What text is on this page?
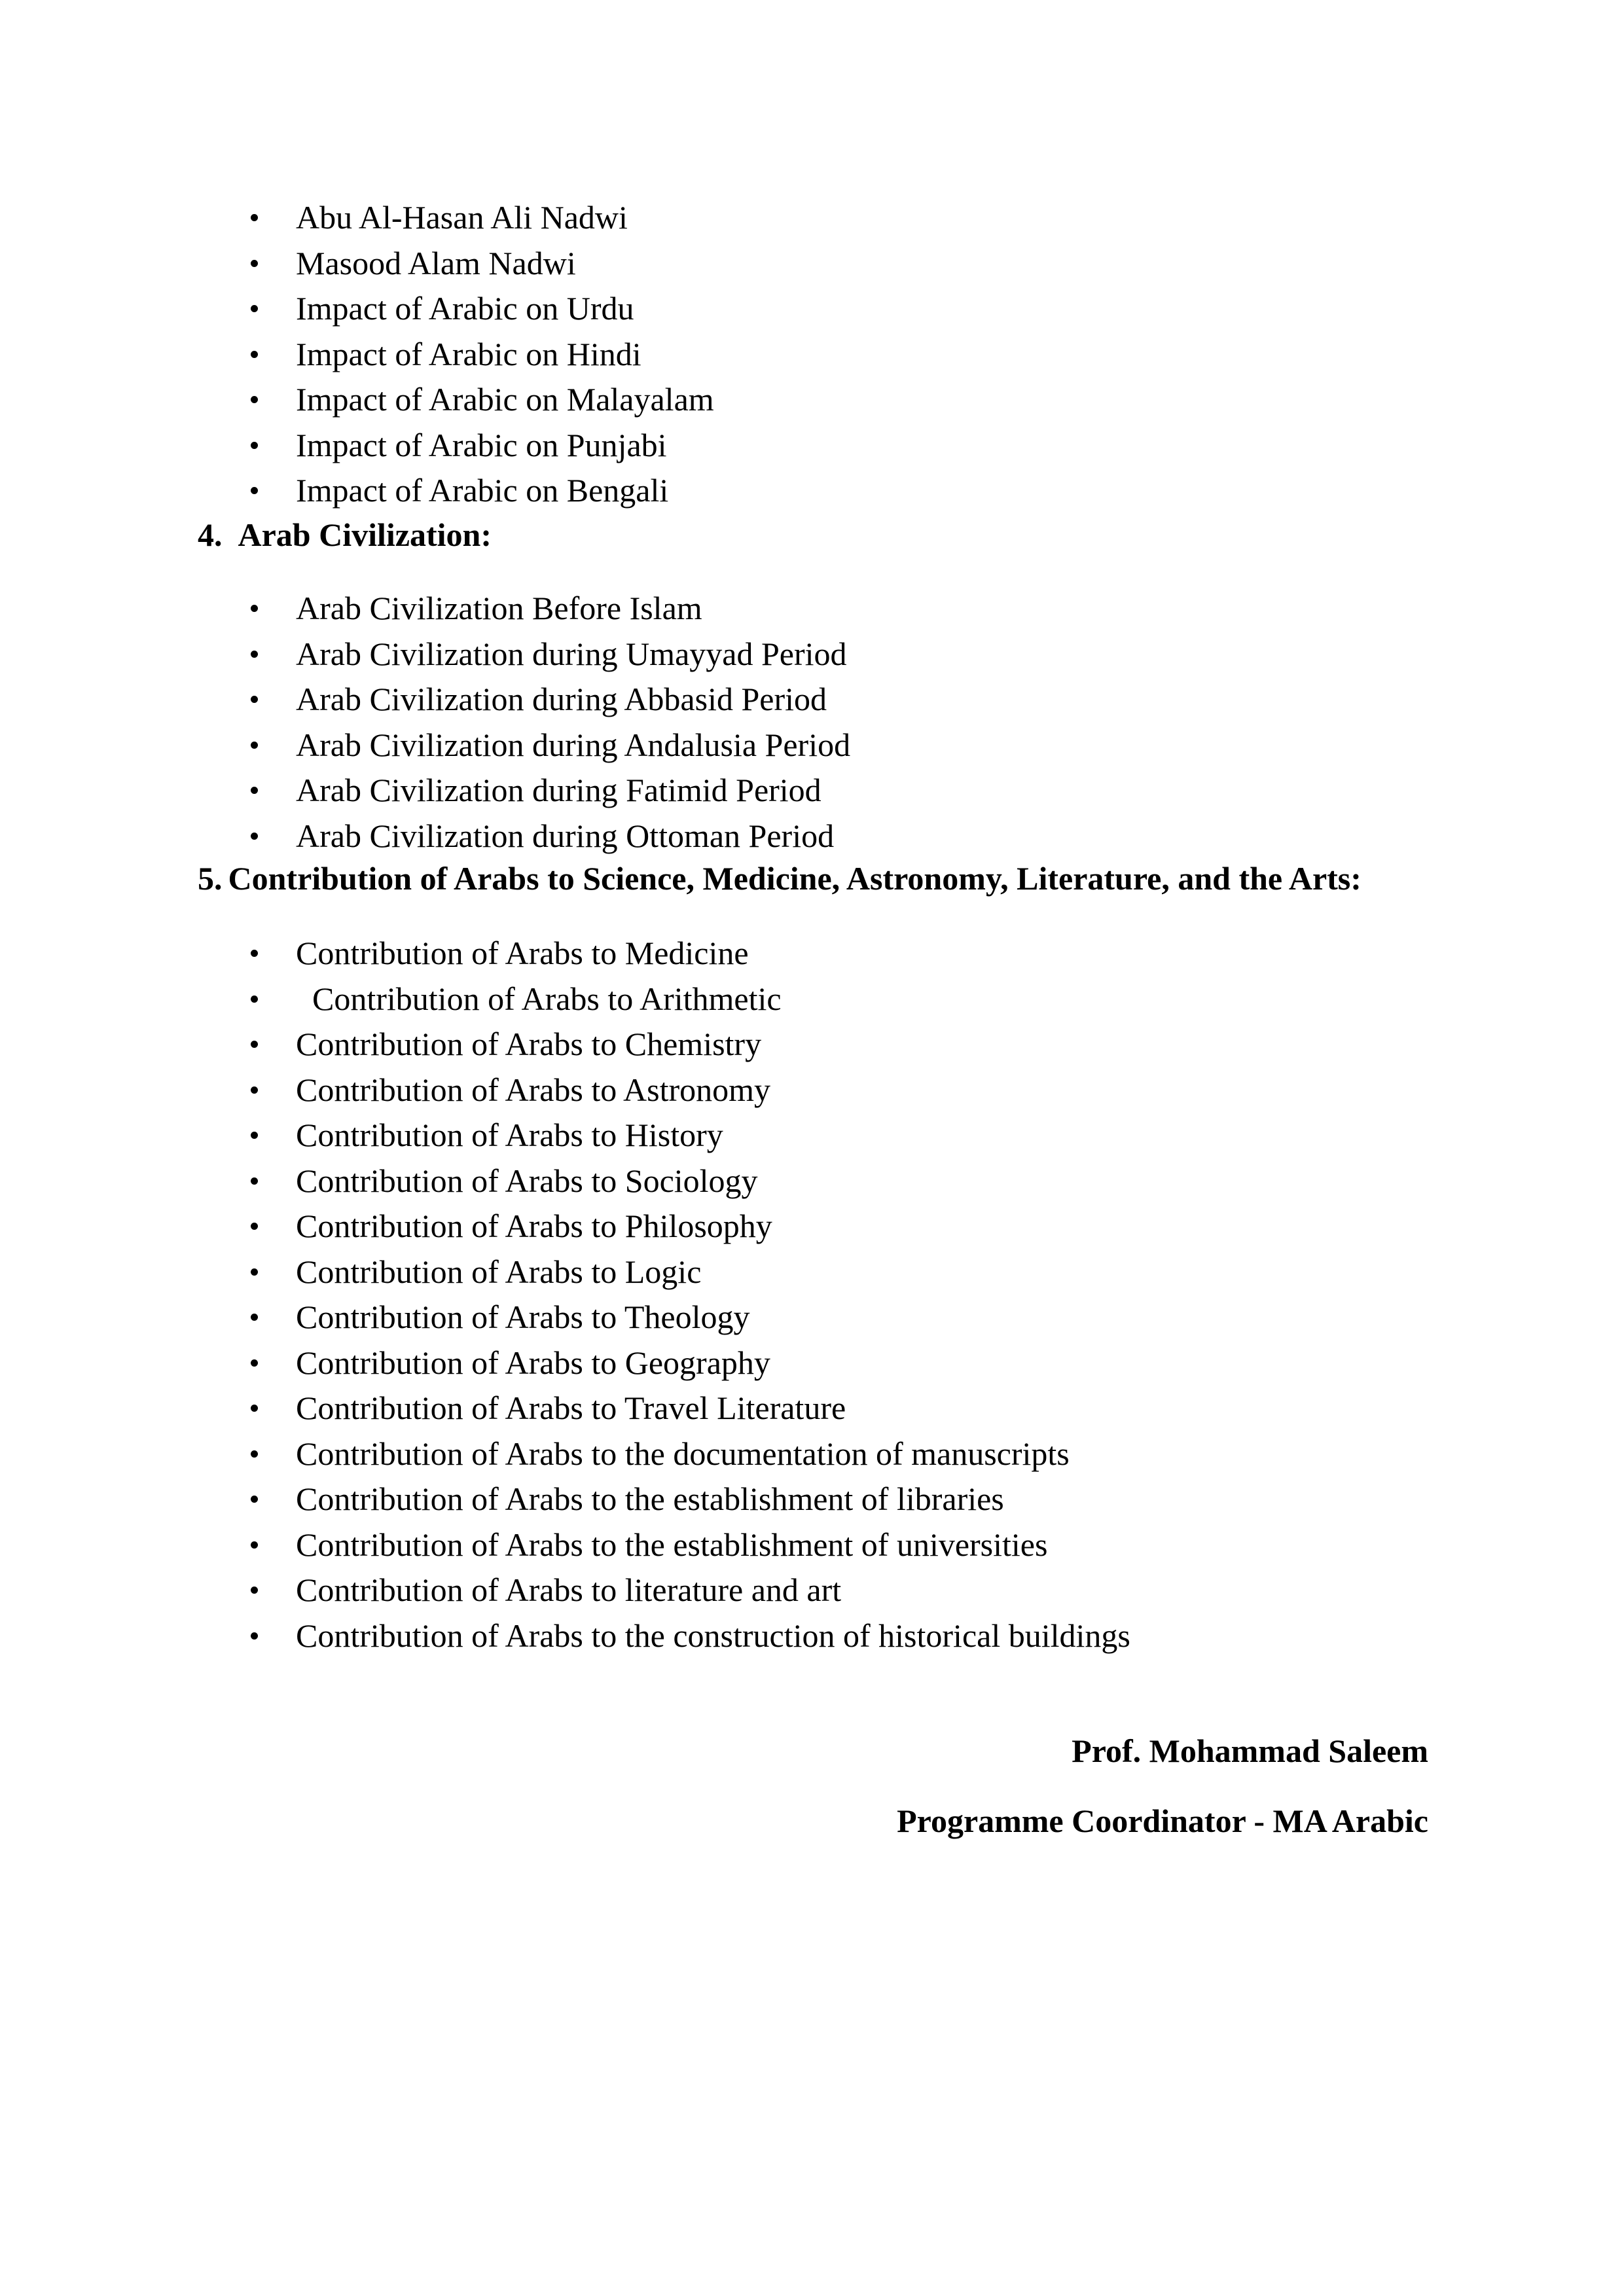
Abu Al-Hasan Ali Nadwi
Masood Alam Nadwi
Impact of Arabic on Urdu
Impact of Arabic on Hindi
Impact of Arabic on Malayalam
Impact of Arabic on Punjabi
Impact of Arabic on Bengali
4. Arab Civilization:
Arab Civilization Before Islam
Arab Civilization during Umayyad Period
Arab Civilization during Abbasid Period
Arab Civilization during Andalusia Period
Arab Civilization during Fatimid Period
Arab Civilization during Ottoman Period
5. Contribution of Arabs to Science, Medicine, Astronomy, Literature, and the Arts:
Contribution of Arabs to Medicine
Contribution of Arabs to Arithmetic
Contribution of Arabs to Chemistry
Contribution of Arabs to Astronomy
Contribution of Arabs to History
Contribution of Arabs to Sociology
Contribution of Arabs to Philosophy
Contribution of Arabs to Logic
Contribution of Arabs to Theology
Contribution of Arabs to Geography
Contribution of Arabs to Travel Literature
Contribution of Arabs to the documentation of manuscripts
Contribution of Arabs to the establishment of libraries
Contribution of Arabs to the establishment of universities
Contribution of Arabs to literature and art
Contribution of Arabs to the construction of historical buildings
Prof. Mohammad Saleem
Programme Coordinator - MA Arabic
